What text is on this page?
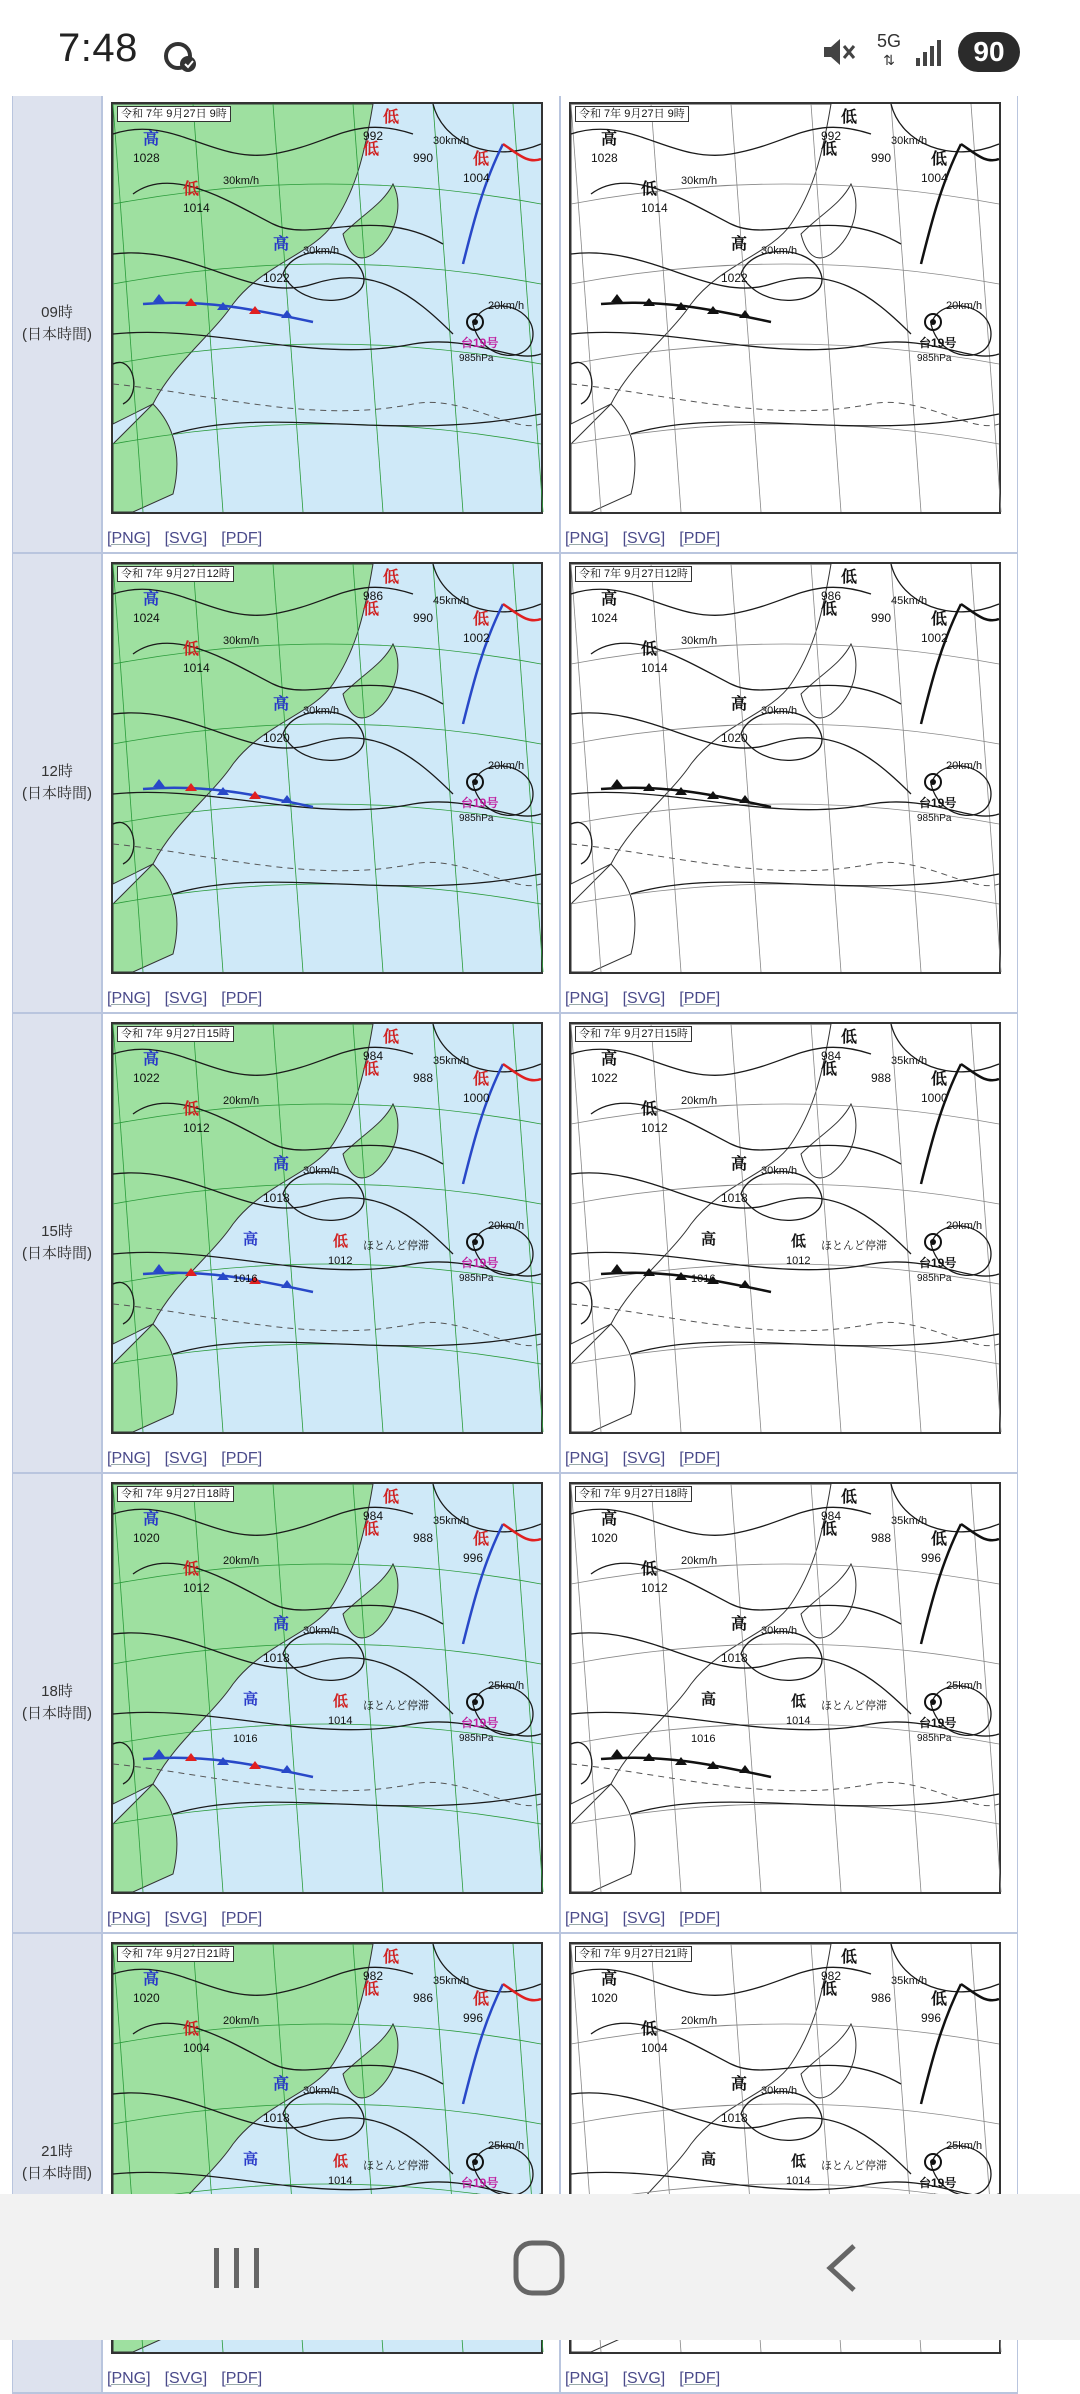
7:48	5G
⇅	90
09時
(日本時間)
高
1028
低
1014
高
1022
低
992
低	990 低
1004
30km/h
30km/h
30km/h
20km/h
台19号
985hPa
令和 7年 9月27日 9時
[PNG] [SVG] [PDF]
高
1028
低
1014
高
1022
低
992
低	990 低
1004
30km/h
30km/h
30km/h
20km/h
台19号
985hPa
令和 7年 9月27日 9時
[PNG] [SVG] [PDF]
12時
(日本時間)
高
1024
低
1014
高
1020
低
986
低	990 低
1002
30km/h
30km/h
45km/h
20km/h
台19号
985hPa
令和 7年 9月27日12時
[PNG] [SVG] [PDF]
高
1024
低
1014
高
1020
低
986
低	990 低
1002
30km/h
30km/h
45km/h
20km/h
台19号
985hPa
令和 7年 9月27日12時
[PNG] [SVG] [PDF]
15時
(日本時間)
高
1022
低
1012
高
1018
低
984
低	988 低
1000
20km/h
30km/h
35km/h
20km/h
台19号
985hPa
高
1016
低
1012
ほとんど停滞
令和 7年 9月27日15時
[PNG] [SVG] [PDF]
高
1022
低
1012
高
1018
低
984
低	988 低
1000
20km/h
30km/h
35km/h
20km/h
台19号
985hPa
高
1016
低
1012
ほとんど停滞
令和 7年 9月27日15時
[PNG] [SVG] [PDF]
18時
(日本時間)
高
1020
低
1012
高
1018
低
984
低	988 低
996
20km/h
30km/h
35km/h
25km/h
台19号
985hPa
高
1016
低
1014
ほとんど停滞
令和 7年 9月27日18時
[PNG] [SVG] [PDF]
高
1020
低
1012
高
1018
低
984
低	988 低
996
20km/h
30km/h
35km/h
25km/h
台19号
985hPa
高
1016
低
1014
ほとんど停滞
令和 7年 9月27日18時
[PNG] [SVG] [PDF]
21時
(日本時間)
高
1020
低
1004
高
1018
低
982
低	986 低
996
20km/h
30km/h
35km/h
25km/h
台19号
高	低
1014
ほとんど停滞
令和 7年 9月27日21時
[PNG] [SVG] [PDF]
高
1020
低
1004
高
1018
低
982
低	986 低
996
20km/h
30km/h
35km/h
25km/h
台19号
高	低
1014
ほとんど停滞
令和 7年 9月27日21時
[PNG] [SVG] [PDF]
